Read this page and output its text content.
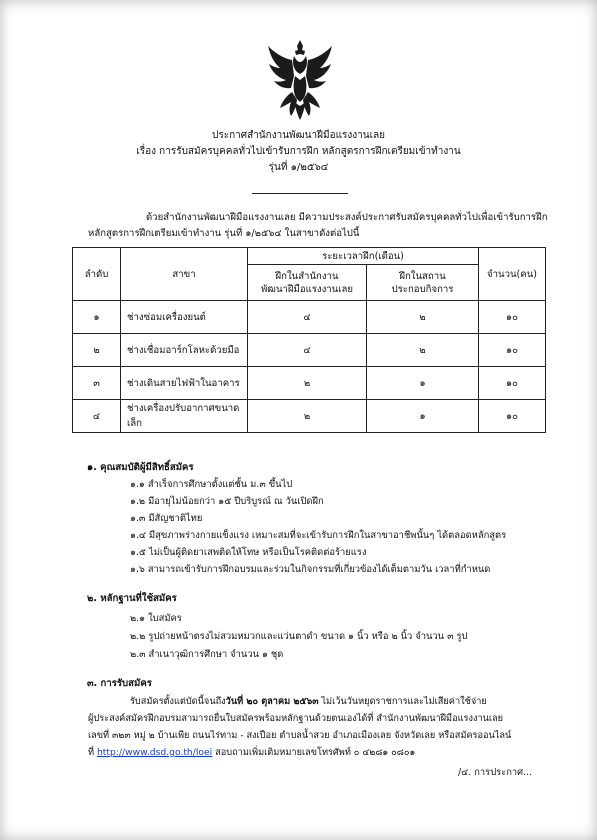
ประกาศสำนักงานพัฒนาฝีมือแรงงานเลย
เรื่อง การรับสมัครบุคคลทั่วไปเข้ารับการฝึก หลักสูตรการฝึกเตรียมเข้าทำงาน
รุ่นที่ ๑/๒๕๖๔
ด้วยสำนักงานพัฒนาฝีมือแรงงานเลย มีความประสงค์ประกาศรับสมัครบุคคลทั่วไปเพื่อเข้ารับการฝึก
หลักสูตรการฝึกเตรียมเข้าทำงาน รุ่นที่ ๑/๒๕๖๔ ในสาขาดังต่อไปนี้
ลำดับ	สาขา	ระยะเวลาฝึก(เดือน)		จำนวน(คน)

		ฝึกในสำนักงาน
พัฒนาฝีมือแรงงานเลย	ฝึกในสถาน
ประกอบกิจการ	

๑	ช่างซ่อมเครื่องยนต์	๔	๒	๑๐
๒	ช่างเชื่อมอาร์กโลหะด้วยมือ	๔	๒	๑๐
๓	ช่างเดินสายไฟฟ้าในอาคาร	๒	๑	๑๐
๔	ช่างเครื่องปรับอากาศขนาดเล็ก	๒	๑	๑๐
๑. คุณสมบัติผู้มีสิทธิ์สมัคร
๑.๑ สำเร็จการศึกษาตั้งแต่ชั้น ม.๓ ขึ้นไป
๑.๒ มีอายุไม่น้อยกว่า ๑๕ ปีบริบูรณ์ ณ วันเปิดฝึก
๑.๓ มีสัญชาติไทย
๑.๔ มีสุขภาพร่างกายแข็งแรง เหมาะสมที่จะเข้ารับการฝึกในสาขาอาชีพนั้นๆ ได้ตลอดหลักสูตร
๑.๕ ไม่เป็นผู้ติดยาเสพติดให้โทษ หรือเป็นโรคติดต่อร้ายแรง
๑.๖ สามารถเข้ารับการฝึกอบรมและร่วมในกิจกรรมที่เกี่ยวข้องได้เต็มตามวัน เวลาที่กำหนด
๒. หลักฐานที่ใช้สมัคร
๒.๑ ใบสมัคร
๒.๒ รูปถ่ายหน้าตรงไม่สวมหมวกและแว่นตาดำ ขนาด ๑ นิ้ว หรือ ๒ นิ้ว จำนวน ๓ รูป
๒.๓ สำเนาวุฒิการศึกษา จำนวน ๑ ชุด
๓. การรับสมัคร
รับสมัครตั้งแต่บัดนี้จนถึงวันที่ ๒๐ ตุลาคม ๒๕๖๓ ไม่เว้นวันหยุดราชการและไม่เสียค่าใช้จ่าย
ผู้ประสงค์สมัครฝึกอบรมสามารถยื่นใบสมัครพร้อมหลักฐานด้วยตนเองได้ที่ สำนักงานพัฒนาฝีมือแรงงานเลย
เลขที่ ๓๒๓ หมู่ ๒ บ้านเพีย ถนนไร่ทาม - สงเปือย ตำบลน้ำสวย อำเภอเมืองเลย จังหวัดเลย หรือสมัครออนไลน์
ที่ http://www.dsd.go.th/loei สอบถามเพิ่มเติมหมายเลขโทรศัพท์ ๐ ๔๒๘๑ ๐๘๐๑
/๔. การประกาศ...
